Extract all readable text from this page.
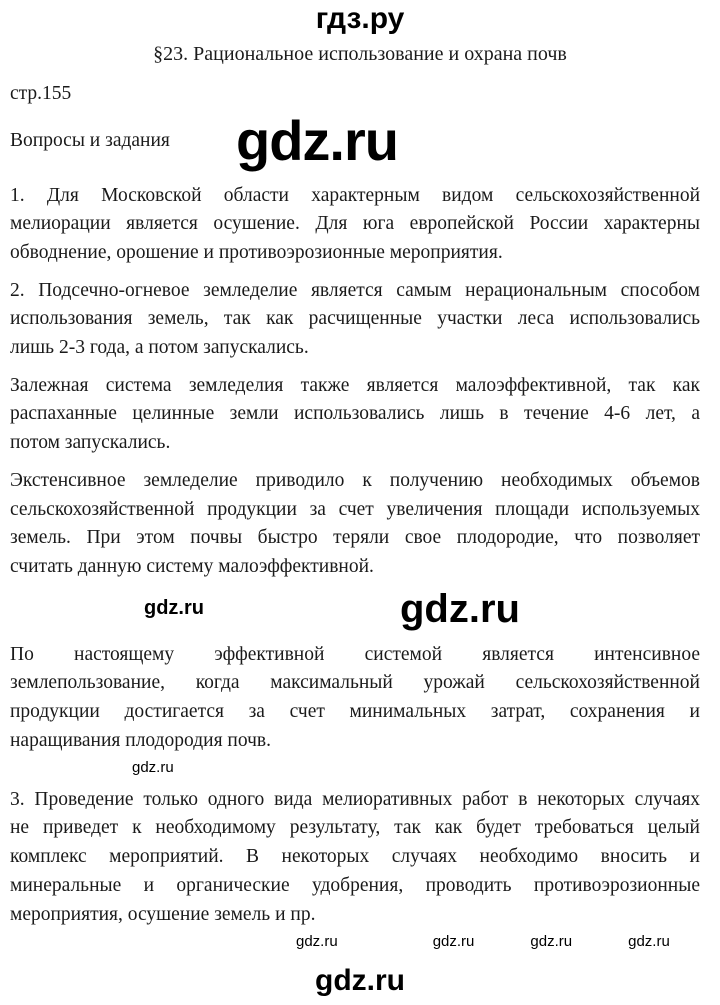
гдз.ру
§23. Рациональное использование и охрана почв
стр.155
Вопросы и задания	gdz.ru
1. Для Московской области характерным видом сельскохозяйственной
мелиорации является осушение. Для юга европейской России характерны
обводнение, орошение и противоэрозионные мероприятия.
2. Подсечно-огневое земледелие является самым нерациональным способом
использования земель, так как расчищенные участки леса использовались
лишь 2-3 года, а потом запускались.
Залежная система земледелия также является малоэффективной, так как
распаханные целинные земли использовались лишь в течение 4-6 лет, а
потом запускались.
Экстенсивное земледелие приводило к получению необходимых объемов
сельскохозяйственной продукции за счет увеличения площади используемых
земель. При этом почвы быстро теряли свое плодородие, что позволяет
считать данную систему малоэффективной.
gdz.ru	gdz.ru
По настоящему эффективной системой является интенсивное
землепользование, когда максимальный урожай сельскохозяйственной
продукции достигается за счет минимальных затрат, сохранения и
наращивания плодородия почв.
gdz.ru
3. Проведение только одного вида мелиоративных работ в некоторых случаях
не приведет к необходимому результату, так как будет требоваться целый
комплекс мероприятий. В некоторых случаях необходимо вносить и
минеральные и органические удобрения, проводить противоэрозионные
мероприятия, осушение земель и пр.
gdz.ru	gdz.ru	gdz.ru	gdz.ru
gdz.ru
